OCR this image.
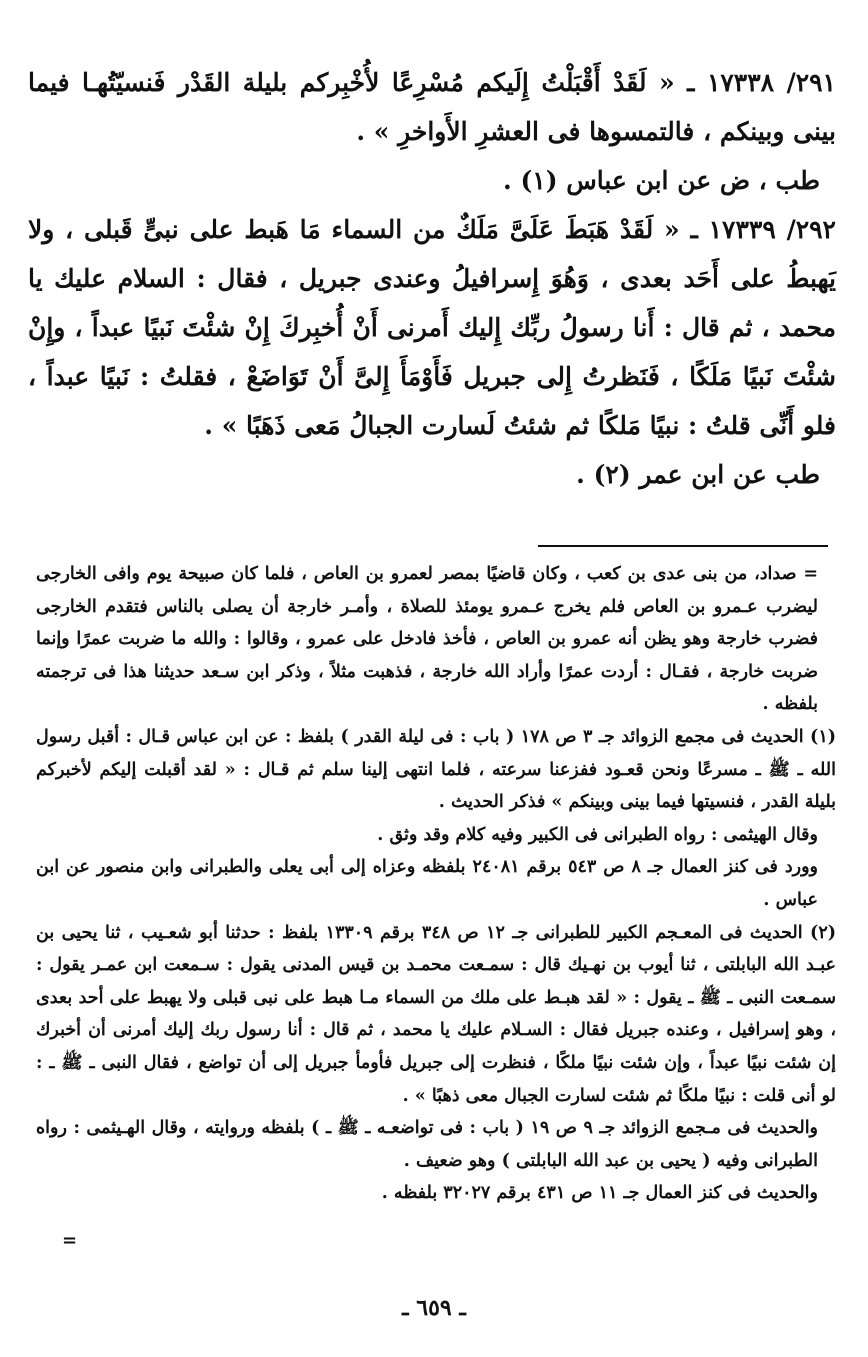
٢٩١/ ١٧٣٣٨ ـ « لَقَدْ أَقْبَلْتُ إِلَيكم مُسْرِعًا لأُخْبِركم بليلة القَدْر فَنسيّتُهـا فيما بينى وبينكم ، فالتمسوها فى العشرِ الأَواخرِ » .

طب ، ض عن ابن عباس (١) .

٢٩٢/ ١٧٣٣٩ ـ « لَقَدْ هَبَطَ عَلَىَّ مَلَكٌ من السماء مَا هَبط على نبىٍّ قَبلى ، ولا يَهبطُ على أَحَد بعدى ، وَهُوَ إِسرافيلُ وعندى جبريل ، فقال : السلام عليك يا محمد ، ثم قال : أَنا رسولُ ربِّك إِليك أَمرنى أَنْ أُخبِركَ إِنْ شئْتَ نَبيًا عبداً ، وإِنْ شئْتَ نَبيًا مَلَكًا ، فَنَظرتُ إِلى جبريل فَأَوْمَأَ إِلىَّ أَنْ تَوَاضَعْ ، فقلتُ : نَبيًا عبداً ، فلو أَنِّى قلتُ : نبيًا مَلكًا ثم شئتُ لَسارت الجبالُ مَعى ذَهَبًا » .

طب عن ابن عمر (٢) .

= صداد، من بنى عدى بن كعب ، وكان قاضيًا بمصر لعمرو بن العاص ، فلما كان صبيحة يوم وافى الخارجى ليضرب عـمرو بن العاص فلم يخرج عـمرو يومئذ للصلاة ، وأمـر خارجة أن يصلى بالناس فتقدم الخارجى فضرب خارجة وهو يظن أنه عمرو بن العاص ، فأخذ فادخل على عمرو ، وقالوا : والله ما ضربت عمرًا وإنما ضربت خارجة ، فقـال : أردت عمرًا وأراد الله خارجة ، فذهبت مثلاً ، وذكر ابن سـعد حديثنا هذا فى ترجمته بلفظه .

(١) الحديث فى مجمع الزوائد جـ ٣ ص ١٧٨ ( باب : فى ليلة القدر ) بلفظ : عن ابن عباس قـال : أقبل رسول الله ـ ﷺ ـ مسرعًا ونحن قعـود ففزعنا سرعته ، فلما انتهى إلينا سلم ثم قـال : « لقد أقبلت إليكم لأخبركم بليلة القدر ، فنسيتها فيما بينى وبينكم » فذكر الحديث .

وقال الهيثمى : رواه الطبرانى فى الكبير وفيه كلام وقد وثق .

وورد فى كنز العمال جـ ٨ ص ٥٤٣ برقم ٢٤٠٨١ بلفظه وعزاه إلى أبى يعلى والطبرانى وابن منصور عن ابن عباس .

(٢) الحديث فى المعـجم الكبير للطبرانى جـ ١٢ ص ٣٤٨ برقم ١٣٣٠٩ بلفظ : حدثنا أبو شعـيب ، ثنا يحيى بن عبـد الله البابلتى ، ثنا أيوب بن نهـيك قال : سمـعت محمـد بن قيس المدنى يقول : سـمعت ابن عمـر يقول : سمـعت النبى ـ ﷺ ـ يقول : « لقد هبـط على ملك من السماء مـا هبط على نبى قبلى ولا يهبط على أحد بعدى ، وهو إسرافيل ، وعنده جبريل فقال : السـلام عليك يا محمد ، ثم قال : أنا رسول ربك إليك أمرنى أن أخبرك إن شئت نبيًا عبداً ، وإن شئت نبيًا ملكًا ، فنظرت إلى جبريل فأومأ جبريل إلى أن تواضع ، فقال النبى ـ ﷺ ـ : لو أنى قلت : نبيًا ملكًا ثم شئت لسارت الجبال معى ذهبًا » .

والحديث فى مـجمع الزوائد جـ ٩ ص ١٩ ( باب : فى تواضعـه ـ ﷺ ـ ) بلفظه وروايته ، وقال الهـيثمى : رواه الطبرانى وفيه ( يحيى بن عبد الله البابلتى ) وهو ضعيف .

والحديث فى كنز العمال جـ ١١ ص ٤٣١ برقم ٣٢٠٢٧ بلفظه .

=
ـ ٦٥٩ ـ
